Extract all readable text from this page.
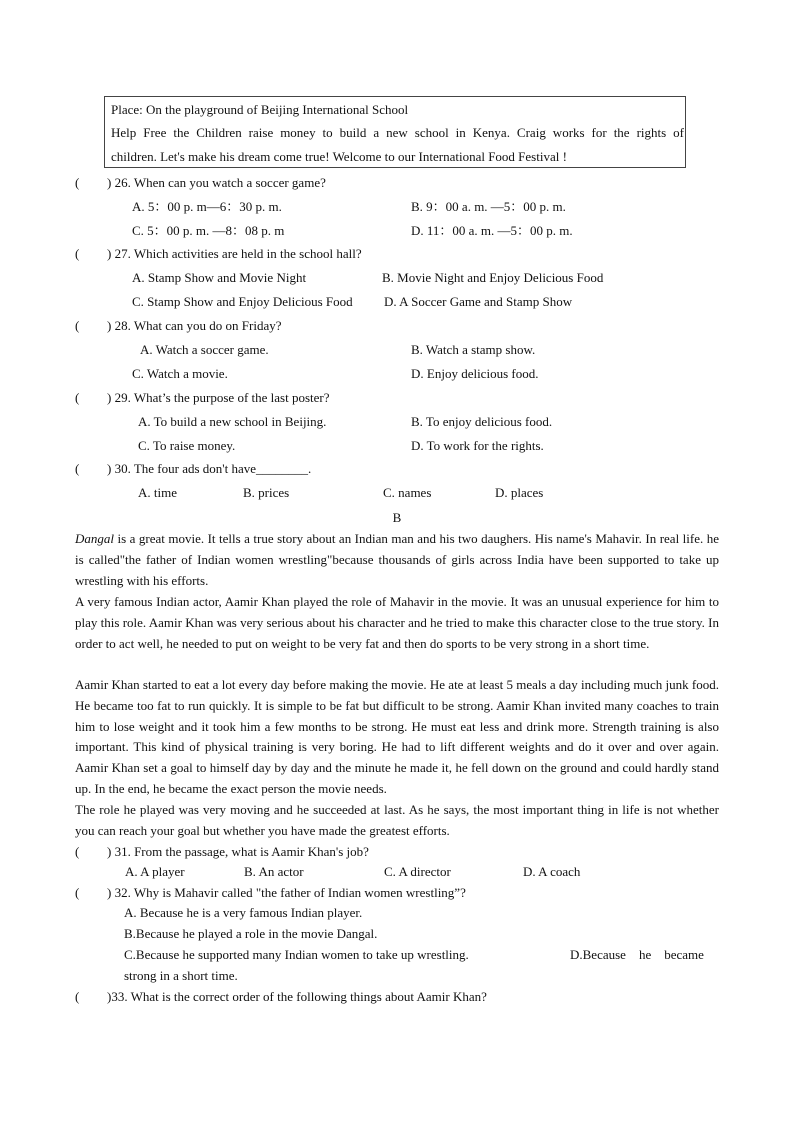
Place: On the playground of Beijing International School
Help Free the Children raise money to build a new school in Kenya. Craig works for the rights of
children. Let's make his dream come true! Welcome to our International Food Festival !
( ) 26. When can you watch a soccer game?
A. 5：00 p. m—6：30 p. m.	B. 9：00 a. m. —5：00 p. m.
C. 5：00 p. m. —8：08 p. m	D. 11：00 a. m. —5：00 p. m.
( ) 27. Which activities are held in the school hall?
A. Stamp Show and Movie Night	B. Movie Night and Enjoy Delicious Food
C. Stamp Show and Enjoy Delicious Food D. A Soccer Game and Stamp Show
( ) 28. What can you do on Friday?
A. Watch a soccer game.	B. Watch a stamp show.
C. Watch a movie.	D. Enjoy delicious food.
( ) 29. What’s the purpose of the last poster?
A. To build a new school in Beijing.	B. To enjoy delicious food.
C. To raise money.	D. To work for the rights.
( ) 30. The four ads don't have________.
A. time	B. prices	C. names	D. places
B
Dangal is a great movie. It tells a true story about an Indian man and his two daughers. His name's Mahavir. In real life. he is called"the father of Indian women wrestling"because thousands of girls across India have been supported to take up wrestling with his efforts.
A very famous Indian actor, Aamir Khan played the role of Mahavir in the movie. It was an unusual experience for him to play this role. Aamir Khan was very serious about his character and he tried to make this character close to the true story. In order to act well, he needed to put on weight to be very fat and then do sports to be very strong in a short time.
Aamir Khan started to eat a lot every day before making the movie. He ate at least 5 meals a day including much junk food. He became too fat to run quickly. It is simple to be fat but difficult to be strong. Aamir Khan invited many coaches to train him to lose weight and it took him a few months to be strong. He must eat less and drink more. Strength training is also important. This kind of physical training is very boring. He had to lift different weights and do it over and over again. Aamir Khan set a goal to himself day by day and the minute he made it, he fell down on the ground and could hardly stand up. In the end, he became the exact person the movie needs.
The role he played was very moving and he succeeded at last. As he says, the most important thing in life is not whether you can reach your goal but whether you have made the greatest efforts.
( ) 31. From the passage, what is Aamir Khan's job?
A. A player	B. An actor	C. A director	D. A coach
( ) 32. Why is Mahavir called "the father of Indian women wrestling”?
A. Because he is a very famous Indian player.
B.Because he played a role in the movie Dangal.
C.Because he supported many Indian women to take up wrestling.	D.Because    he    became
strong in a short time.
( )33. What is the correct order of the following things about Aamir Khan?
